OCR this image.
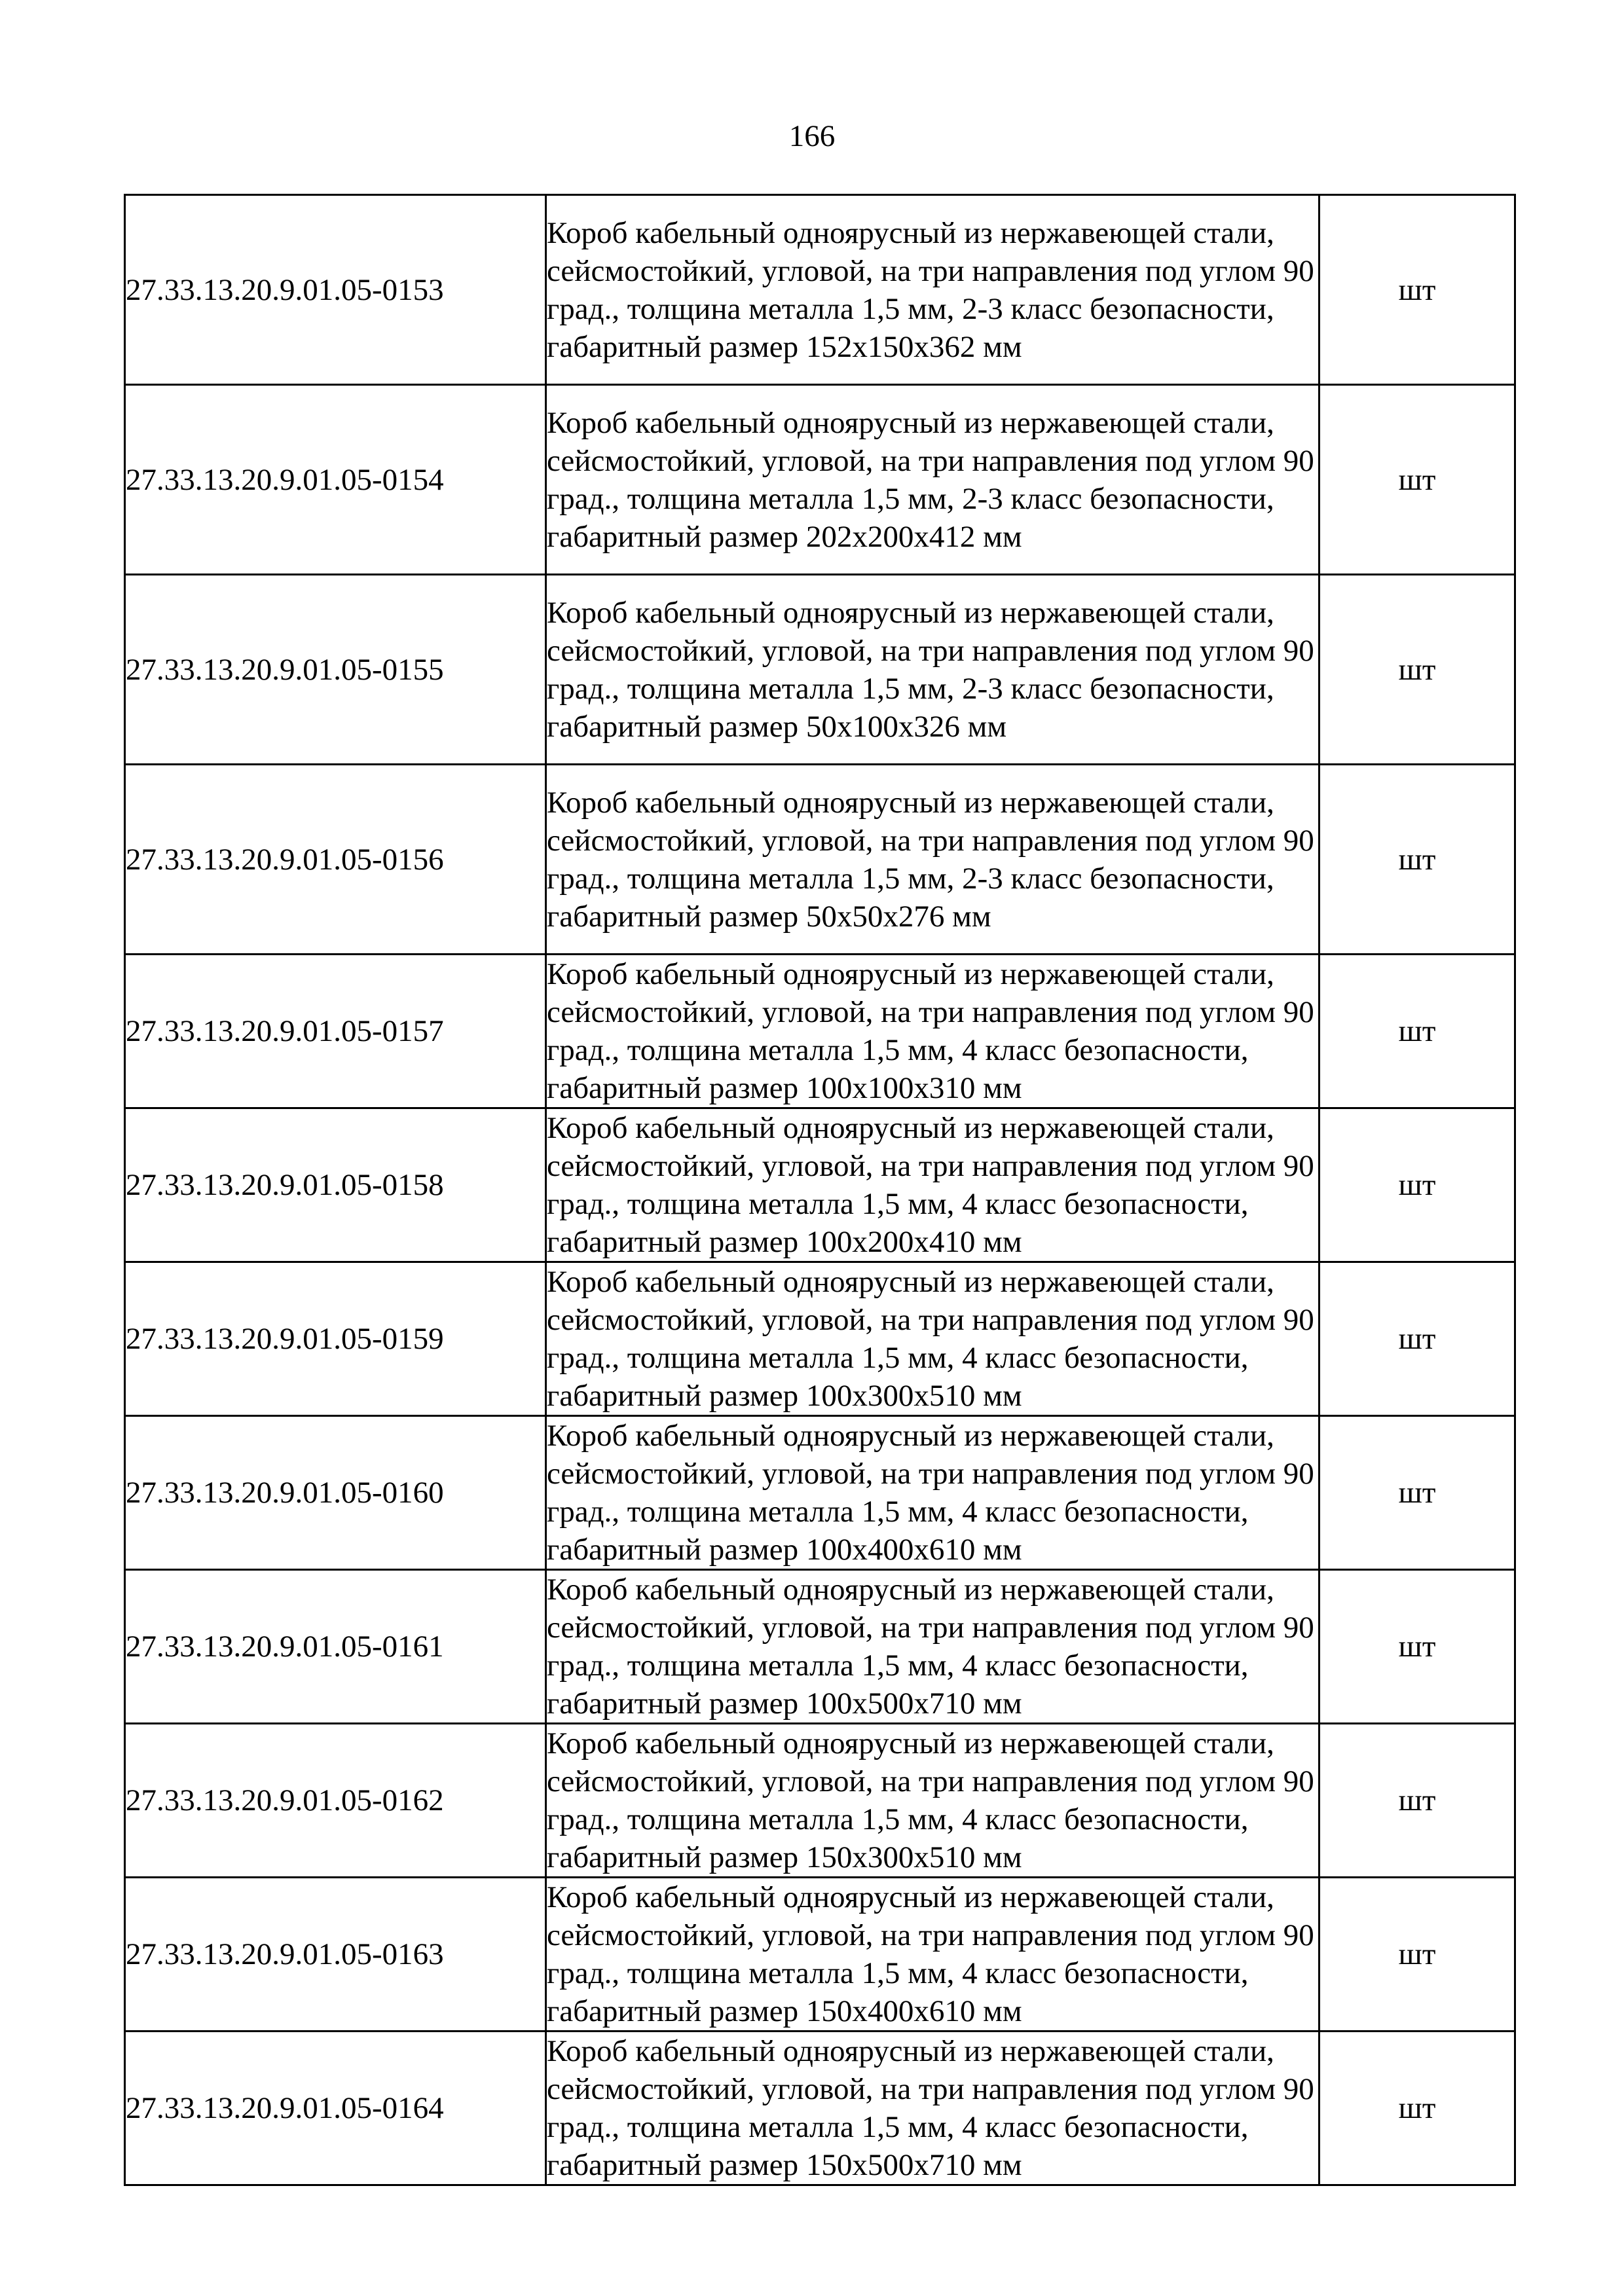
166
27.33.13.20.9.01.05-0153	Короб кабельный одноярусный из нержавеющей стали, сейсмостойкий, угловой, на три направления под углом 90 град., толщина металла 1,5 мм, 2-3 класс безопасности, габаритный размер 152x150x362 мм	шт
27.33.13.20.9.01.05-0154	Короб кабельный одноярусный из нержавеющей стали, сейсмостойкий, угловой, на три направления под углом 90 град., толщина металла 1,5 мм, 2-3 класс безопасности, габаритный размер 202x200x412 мм	шт
27.33.13.20.9.01.05-0155	Короб кабельный одноярусный из нержавеющей стали, сейсмостойкий, угловой, на три направления под углом 90 град., толщина металла 1,5 мм, 2-3 класс безопасности, габаритный размер 50x100x326 мм	шт
27.33.13.20.9.01.05-0156	Короб кабельный одноярусный из нержавеющей стали, сейсмостойкий, угловой, на три направления под углом 90 град., толщина металла 1,5 мм, 2-3 класс безопасности, габаритный размер 50x50x276 мм	шт
27.33.13.20.9.01.05-0157	Короб кабельный одноярусный из нержавеющей стали, сейсмостойкий, угловой, на три направления под углом 90 град., толщина металла 1,5 мм, 4 класс безопасности, габаритный размер 100x100x310 мм	шт
27.33.13.20.9.01.05-0158	Короб кабельный одноярусный из нержавеющей стали, сейсмостойкий, угловой, на три направления под углом 90 град., толщина металла 1,5 мм, 4 класс безопасности, габаритный размер 100x200x410 мм	шт
27.33.13.20.9.01.05-0159	Короб кабельный одноярусный из нержавеющей стали, сейсмостойкий, угловой, на три направления под углом 90 град., толщина металла 1,5 мм, 4 класс безопасности, габаритный размер 100x300x510 мм	шт
27.33.13.20.9.01.05-0160	Короб кабельный одноярусный из нержавеющей стали, сейсмостойкий, угловой, на три направления под углом 90 град., толщина металла 1,5 мм, 4 класс безопасности, габаритный размер 100x400x610 мм	шт
27.33.13.20.9.01.05-0161	Короб кабельный одноярусный из нержавеющей стали, сейсмостойкий, угловой, на три направления под углом 90 град., толщина металла 1,5 мм, 4 класс безопасности, габаритный размер 100x500x710 мм	шт
27.33.13.20.9.01.05-0162	Короб кабельный одноярусный из нержавеющей стали, сейсмостойкий, угловой, на три направления под углом 90 град., толщина металла 1,5 мм, 4 класс безопасности, габаритный размер 150x300x510 мм	шт
27.33.13.20.9.01.05-0163	Короб кабельный одноярусный из нержавеющей стали, сейсмостойкий, угловой, на три направления под углом 90 град., толщина металла 1,5 мм, 4 класс безопасности, габаритный размер 150x400x610 мм	шт
27.33.13.20.9.01.05-0164	Короб кабельный одноярусный из нержавеющей стали, сейсмостойкий, угловой, на три направления под углом 90 град., толщина металла 1,5 мм, 4 класс безопасности, габаритный размер 150x500x710 мм	шт
